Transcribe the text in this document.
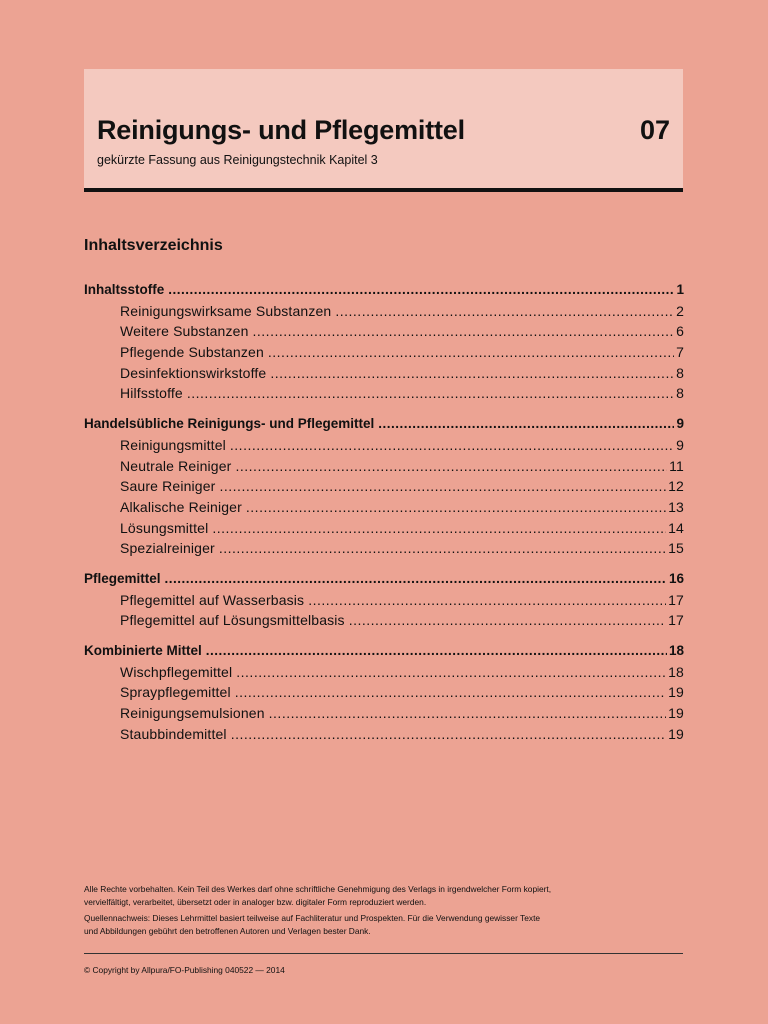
Reinigungs- und Pflegemittel	07
gekürzte Fassung aus Reinigungstechnik Kapitel 3
Inhaltsverzeichnis
Inhaltsstoffe .....	1
Reinigungswirksame Substanzen .....	2
Weitere Substanzen .....	6
Pflegende Substanzen .....	7
Desinfektionswirkstoffe .....	8
Hilfsstoffe .....	8
Handelsübliche Reinigungs- und Pflegemittel .....	9
Reinigungsmittel .....	9
Neutrale Reiniger .....	11
Saure Reiniger .....	12
Alkalische Reiniger .....	13
Lösungsmittel .....	14
Spezialreiniger .....	15
Pflegemittel .....	16
Pflegemittel auf Wasserbasis .....	17
Pflegemittel auf Lösungsmittelbasis .....	17
Kombinierte Mittel .....	18
Wischpflegemittel .....	18
Spraypflegemittel .....	19
Reinigungsemulsionen .....	19
Staubbindemittel .....	19

Alle Rechte vorbehalten. Kein Teil des Werkes darf ohne schriftliche Genehmigung des Verlags in irgendwelcher Form kopiert,
vervielfältigt, verarbeitet, übersetzt oder in analoger bzw. digitaler Form reproduziert werden.

Quellennachweis: Dieses Lehrmittel basiert teilweise auf Fachliteratur und Prospekten. Für die Verwendung gewisser Texte
und Abbildungen gebührt den betroffenen Autoren und Verlagen bester Dank.

© Copyright by Allpura/FO-Publishing 040522 — 2014
